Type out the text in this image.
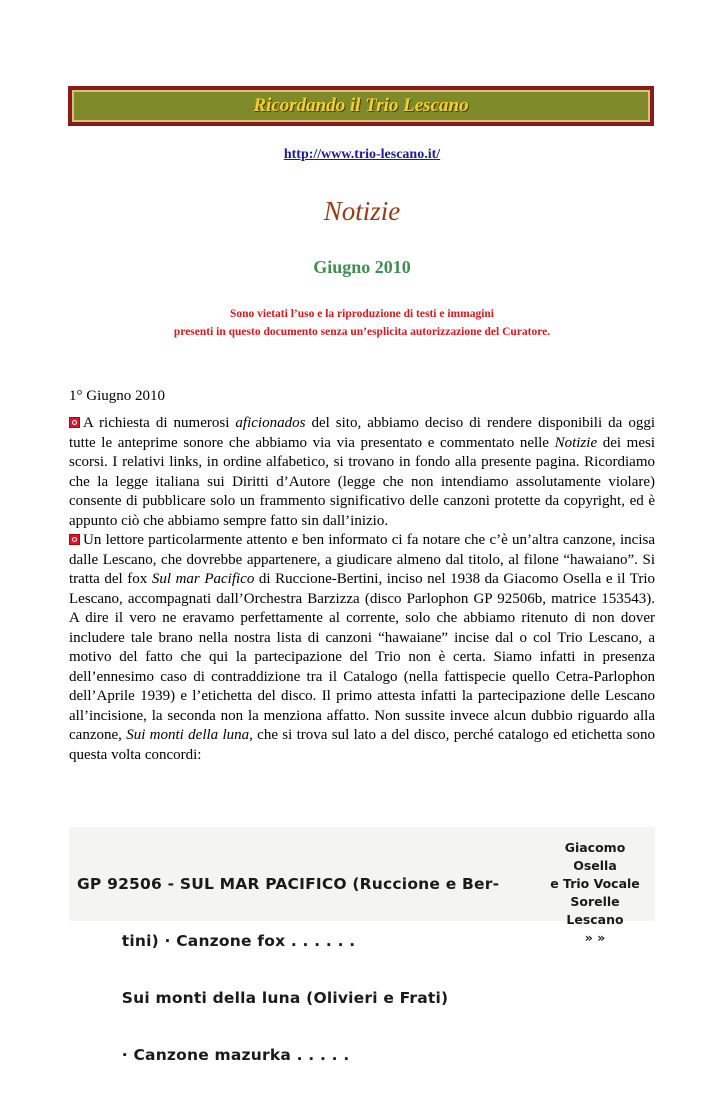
Ricordando il Trio Lescano
http://www.trio-lescano.it/
Notizie
Giugno 2010
Sono vietati l’uso e la riproduzione di testi e immagini
presenti in questo documento senza un’esplicita autorizzazione del Curatore.
1° Giugno 2010

A richiesta di numerosi aficionados del sito, abbiamo deciso di rendere disponibili da oggi tutte le anteprime sonore che abbiamo via via presentato e commentato nelle Notizie dei mesi scorsi. I relativi links, in ordine alfabetico, si trovano in fondo alla presente pagina. Ricordiamo che la legge italiana sui Diritti d’Autore (legge che non intendiamo assolutamente violare) consente di pubblicare solo un frammento significativo delle canzoni protette da copyright, ed è appunto ciò che abbiamo sempre fatto sin dall’inizio.

Un lettore particolarmente attento e ben informato ci fa notare che c’è un’altra canzone, incisa dalle Lescano, che dovrebbe appartenere, a giudicare almeno dal titolo, al filone “hawaiano”. Si tratta del fox Sul mar Pacifico di Ruccione-Bertini, inciso nel 1938 da Giacomo Osella e il Trio Lescano, accompagnati dall’Orchestra Barzizza (disco Parlophon GP 92506b, matrice 153543). A dire il vero ne eravamo perfettamente al corrente, solo che abbiamo ritenuto di non dover includere tale brano nella nostra lista di canzoni “hawaiane” incise dal o col Trio Lescano, a motivo del fatto che qui la partecipazione del Trio non è certa. Siamo infatti in presenza dell’ennesimo caso di contraddizione tra il Catalogo (nella fattispecie quello Cetra-Parlophon dell’Aprile 1939) e l’etichetta del disco. Il primo attesta infatti la partecipazione delle Lescano all’incisione, la seconda non la menziona affatto. Non sussite invece alcun dubbio riguardo alla canzone, Sui monti della luna, che si trova sul lato a del disco, perché catalogo ed etichetta sono questa volta concordi:

GP 92506 - SUL MAR PACIFICO (Ruccione e Ber-

tini) · Canzone fox . . . . . .

Sui monti della luna (Olivieri e Frati)

· Canzone mazurka . . . . .

Giacomo Osella
e Trio Vocale
Sorelle Lescano
» »
